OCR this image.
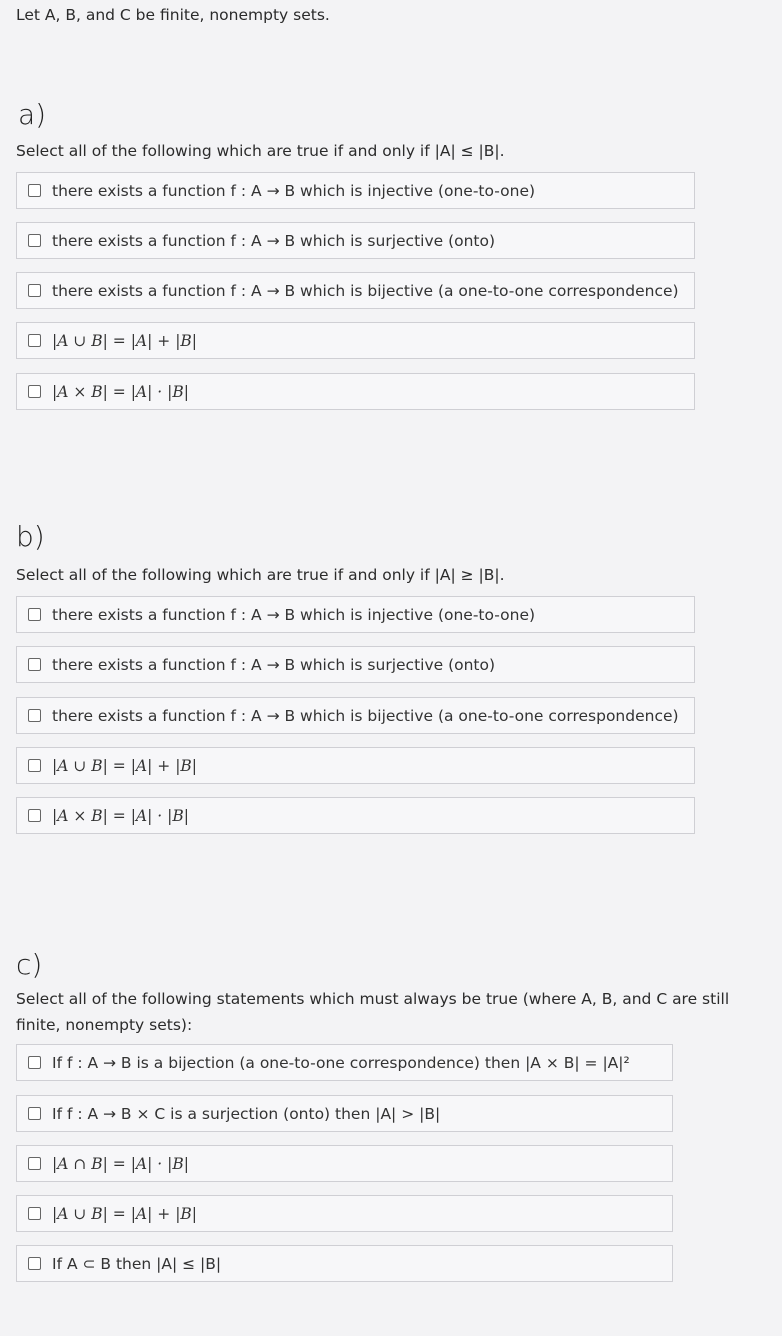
Let A, B, and C be finite, nonempty sets.
a)
Select all of the following which are true if and only if |A| ≤ |B|.
there exists a function f : A → B which is injective (one-to-one)
there exists a function f : A → B which is surjective (onto)
there exists a function f : A → B which is bijective (a one-to-one correspondence)
|A ∪ B| = |A| + |B|
|A × B| = |A| · |B|
b)
Select all of the following which are true if and only if |A| ≥ |B|.
there exists a function f : A → B which is injective (one-to-one)
there exists a function f : A → B which is surjective (onto)
there exists a function f : A → B which is bijective (a one-to-one correspondence)
|A ∪ B| = |A| + |B|
|A × B| = |A| · |B|
c)
Select all of the following statements which must always be true (where A, B, and C are still finite, nonempty sets):
If f : A → B is a bijection (a one-to-one correspondence) then |A × B| = |A|²
If f : A → B × C is a surjection (onto) then |A| > |B|
|A ∩ B| = |A| · |B|
|A ∪ B| = |A| + |B|
If A ⊂ B then |A| ≤ |B|
